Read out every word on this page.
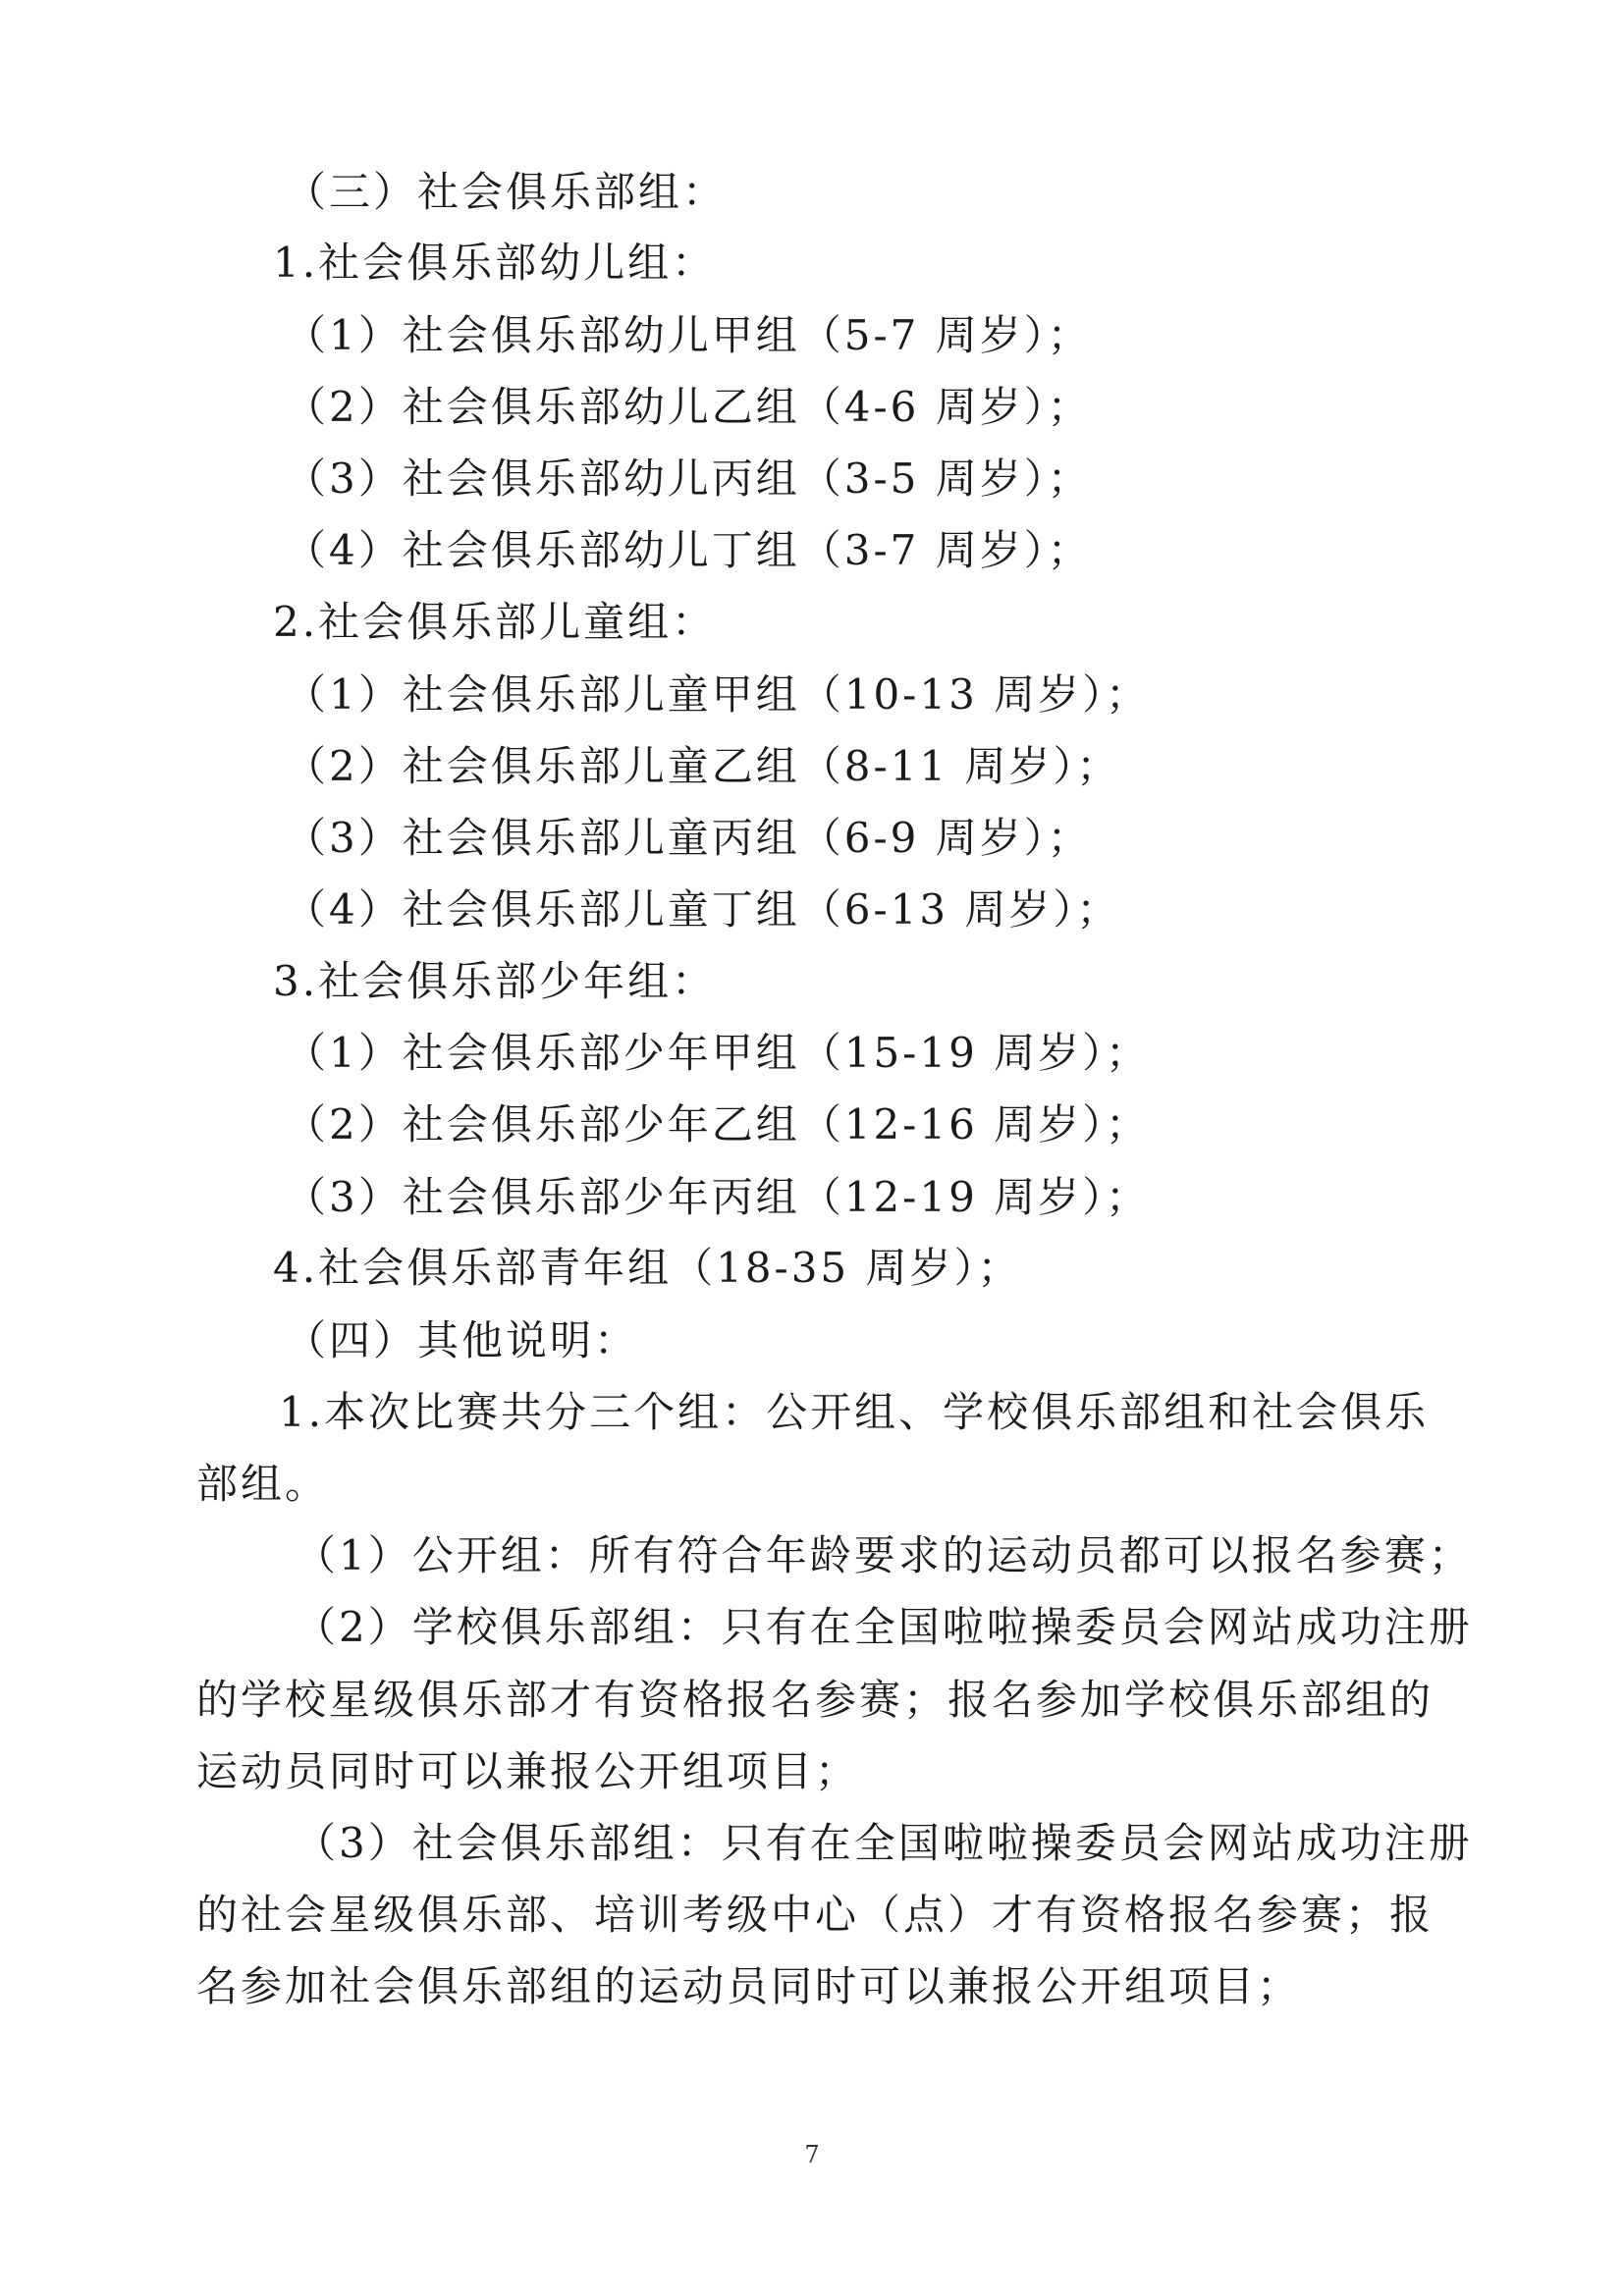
（三）社会俱乐部组：
1.社会俱乐部幼儿组：
（1）社会俱乐部幼儿甲组（5-7 周岁）；
（2）社会俱乐部幼儿乙组（4-6 周岁）；
（3）社会俱乐部幼儿丙组（3-5 周岁）；
（4）社会俱乐部幼儿丁组（3-7 周岁）；
2.社会俱乐部儿童组：
（1）社会俱乐部儿童甲组（10-13 周岁）；
（2）社会俱乐部儿童乙组（8-11 周岁）；
（3）社会俱乐部儿童丙组（6-9 周岁）；
（4）社会俱乐部儿童丁组（6-13 周岁）；
3.社会俱乐部少年组：
（1）社会俱乐部少年甲组（15-19 周岁）；
（2）社会俱乐部少年乙组（12-16 周岁）；
（3）社会俱乐部少年丙组（12-19 周岁）；
4.社会俱乐部青年组（18-35 周岁）；
（四）其他说明：
1.本次比赛共分三个组：公开组、学校俱乐部组和社会俱乐
部组。
（1）公开组：所有符合年龄要求的运动员都可以报名参赛；
（2）学校俱乐部组：只有在全国啦啦操委员会网站成功注册
的学校星级俱乐部才有资格报名参赛；报名参加学校俱乐部组的
运动员同时可以兼报公开组项目；
（3）社会俱乐部组：只有在全国啦啦操委员会网站成功注册
的社会星级俱乐部、培训考级中心（点）才有资格报名参赛；报
名参加社会俱乐部组的运动员同时可以兼报公开组项目；
7
